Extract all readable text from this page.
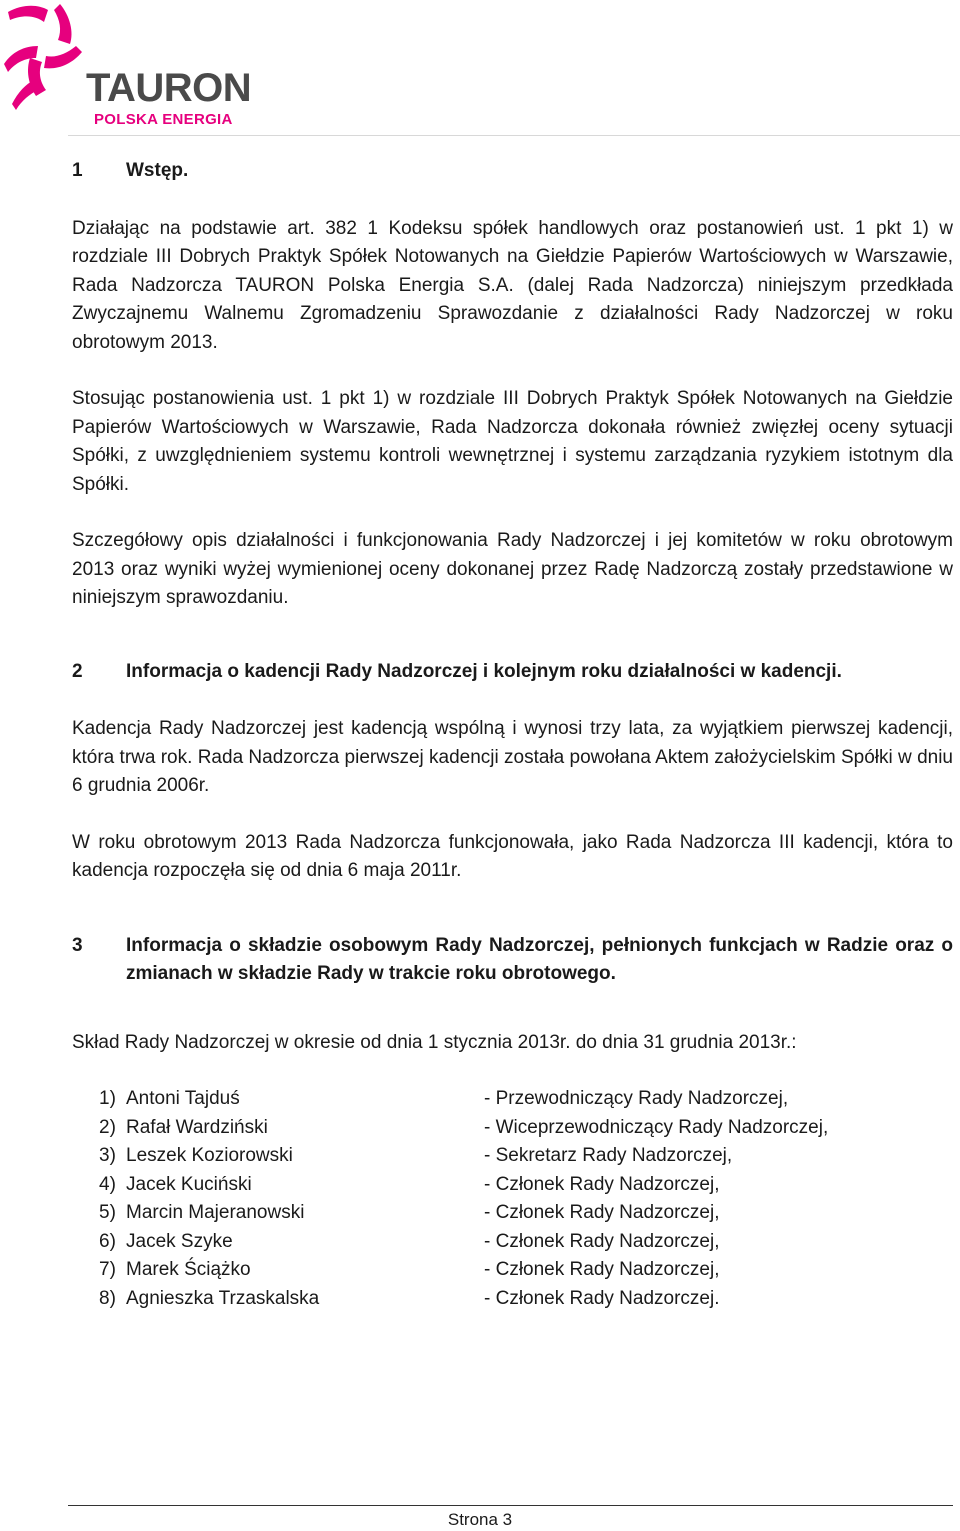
TAURON
POLSKA ENERGIA
1	Wstęp.

Działając na podstawie art. 382 1 Kodeksu spółek handlowych oraz postanowień ust. 1 pkt 1) w rozdziale III Dobrych Praktyk Spółek Notowanych na Giełdzie Papierów Wartościowych w Warszawie, Rada Nadzorcza TAURON Polska Energia S.A. (dalej Rada Nadzorcza) niniejszym przedkłada Zwyczajnemu Walnemu Zgromadzeniu Sprawozdanie z działalności Rady Nadzorczej w roku obrotowym 2013.

Stosując postanowienia ust. 1 pkt 1) w rozdziale III Dobrych Praktyk Spółek Notowanych na Giełdzie Papierów Wartościowych w Warszawie, Rada Nadzorcza dokonała również zwięzłej oceny sytuacji Spółki, z uwzględnieniem systemu kontroli wewnętrznej i systemu zarządzania ryzykiem istotnym dla Spółki.

Szczegółowy opis działalności i funkcjonowania Rady Nadzorczej i jej komitetów w roku obrotowym 2013 oraz wyniki wyżej wymienionej oceny dokonanej przez Radę Nadzorczą zostały przedstawione w niniejszym sprawozdaniu.

2	Informacja o kadencji Rady Nadzorczej i kolejnym roku działalności w kadencji.

Kadencja Rady Nadzorczej jest kadencją wspólną i wynosi trzy lata, za wyjątkiem pierwszej kadencji, która trwa rok. Rada Nadzorcza pierwszej kadencji została powołana Aktem założycielskim Spółki w dniu 6 grudnia 2006r.

W roku obrotowym 2013 Rada Nadzorcza funkcjonowała, jako Rada Nadzorcza III kadencji, która to kadencja rozpoczęła się od dnia 6 maja 2011r.

3	Informacja o składzie osobowym Rady Nadzorczej, pełnionych funkcjach w Radzie oraz o zmianach w składzie Rady w trakcie roku obrotowego.

Skład Rady Nadzorczej w okresie od dnia 1 stycznia 2013r. do dnia 31 grudnia 2013r.:

1) Antoni Tajduś	- Przewodniczący Rady Nadzorczej,
2) Rafał Wardziński	- Wiceprzewodniczący Rady Nadzorczej,
3) Leszek Koziorowski	- Sekretarz Rady Nadzorczej,
4) Jacek Kuciński	- Członek Rady Nadzorczej,
5) Marcin Majeranowski	- Członek Rady Nadzorczej,
6) Jacek Szyke	- Członek Rady Nadzorczej,
7) Marek Ściążko	- Członek Rady Nadzorczej,
8) Agnieszka Trzaskalska	- Członek Rady Nadzorczej.
Strona 3
